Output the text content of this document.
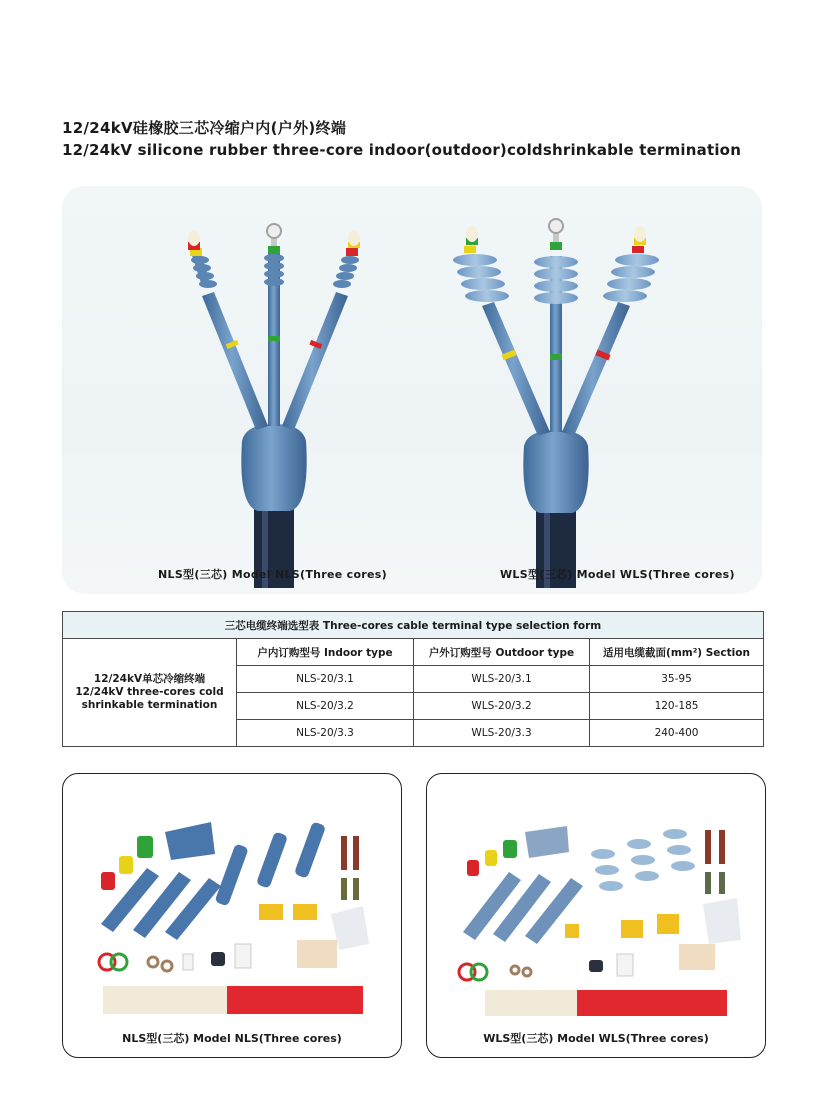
12/24kV硅橡胶三芯冷缩户内(户外)终端
12/24kV silicone rubber three-core indoor(outdoor)coldshrinkable termination
NLS型(三芯) Model NLS(Three cores)	WLS型(三芯) Model WLS(Three cores)
三芯电缆终端选型表 Three-cores cable terminal type selection form			

12/24kV单芯冷缩终端
12/24kV three-cores cold
shrinkable termination	户内订购型号 Indoor type	户外订购型号 Outdoor type	适用电缆截面(mm²) Section
	NLS-20/3.1	WLS-20/3.1	35-95
	NLS-20/3.2	WLS-20/3.2	120-185
	NLS-20/3.3	WLS-20/3.3	240-400
NLS型(三芯) Model NLS(Three cores)	WLS型(三芯) Model WLS(Three cores)
